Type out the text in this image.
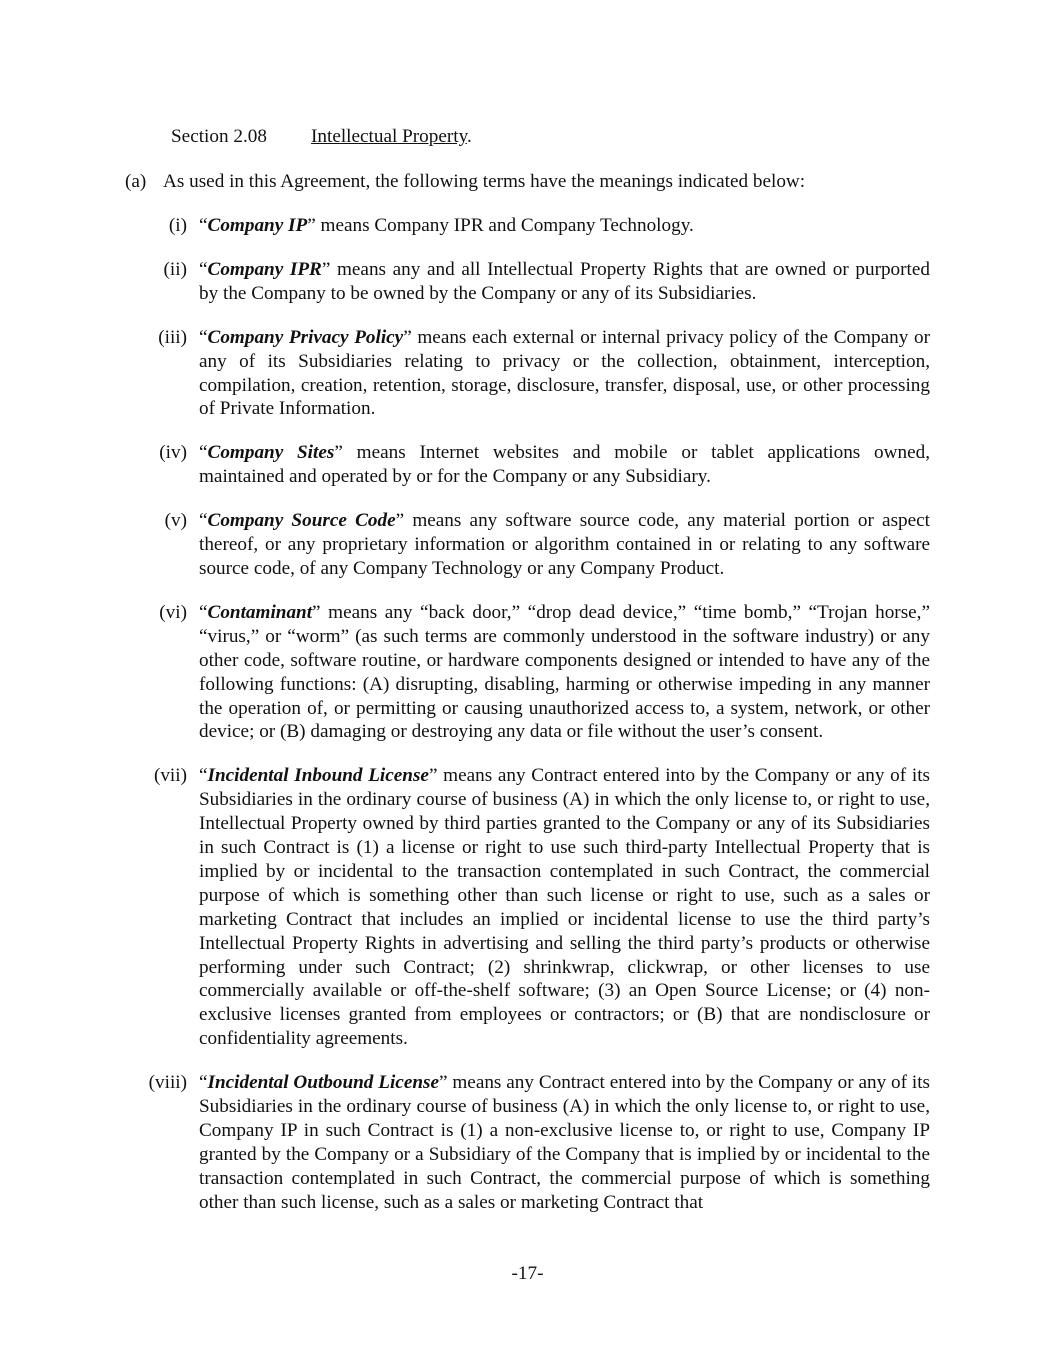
Section 2.08 Intellectual Property.
(a) As used in this Agreement, the following terms have the meanings indicated below:
(i) “Company IP” means Company IPR and Company Technology.
(ii) “Company IPR” means any and all Intellectual Property Rights that are owned or purported by the Company to be owned by the Company or any of its Subsidiaries.
(iii) “Company Privacy Policy” means each external or internal privacy policy of the Company or any of its Subsidiaries relating to privacy or the collection, obtainment, interception, compilation, creation, retention, storage, disclosure, transfer, disposal, use, or other processing of Private Information.
(iv) “Company Sites” means Internet websites and mobile or tablet applications owned, maintained and operated by or for the Company or any Subsidiary.
(v) “Company Source Code” means any software source code, any material portion or aspect thereof, or any proprietary information or algorithm contained in or relating to any software source code, of any Company Technology or any Company Product.
(vi) “Contaminant” means any “back door,” “drop dead device,” “time bomb,” “Trojan horse,” “virus,” or “worm” (as such terms are commonly understood in the software industry) or any other code, software routine, or hardware components designed or intended to have any of the following functions: (A) disrupting, disabling, harming or otherwise impeding in any manner the operation of, or permitting or causing unauthorized access to, a system, network, or other device; or (B) damaging or destroying any data or file without the user’s consent.
(vii) “Incidental Inbound License” means any Contract entered into by the Company or any of its Subsidiaries in the ordinary course of business (A) in which the only license to, or right to use, Intellectual Property owned by third parties granted to the Company or any of its Subsidiaries in such Contract is (1) a license or right to use such third-party Intellectual Property that is implied by or incidental to the transaction contemplated in such Contract, the commercial purpose of which is something other than such license or right to use, such as a sales or marketing Contract that includes an implied or incidental license to use the third party’s Intellectual Property Rights in advertising and selling the third party’s products or otherwise performing under such Contract; (2) shrinkwrap, clickwrap, or other licenses to use commercially available or off-the-shelf software; (3) an Open Source License; or (4) non-exclusive licenses granted from employees or contractors; or (B) that are nondisclosure or confidentiality agreements.
(viii) “Incidental Outbound License” means any Contract entered into by the Company or any of its Subsidiaries in the ordinary course of business (A) in which the only license to, or right to use, Company IP in such Contract is (1) a non-exclusive license to, or right to use, Company IP granted by the Company or a Subsidiary of the Company that is implied by or incidental to the transaction contemplated in such Contract, the commercial purpose of which is something other than such license, such as a sales or marketing Contract that
-17-
